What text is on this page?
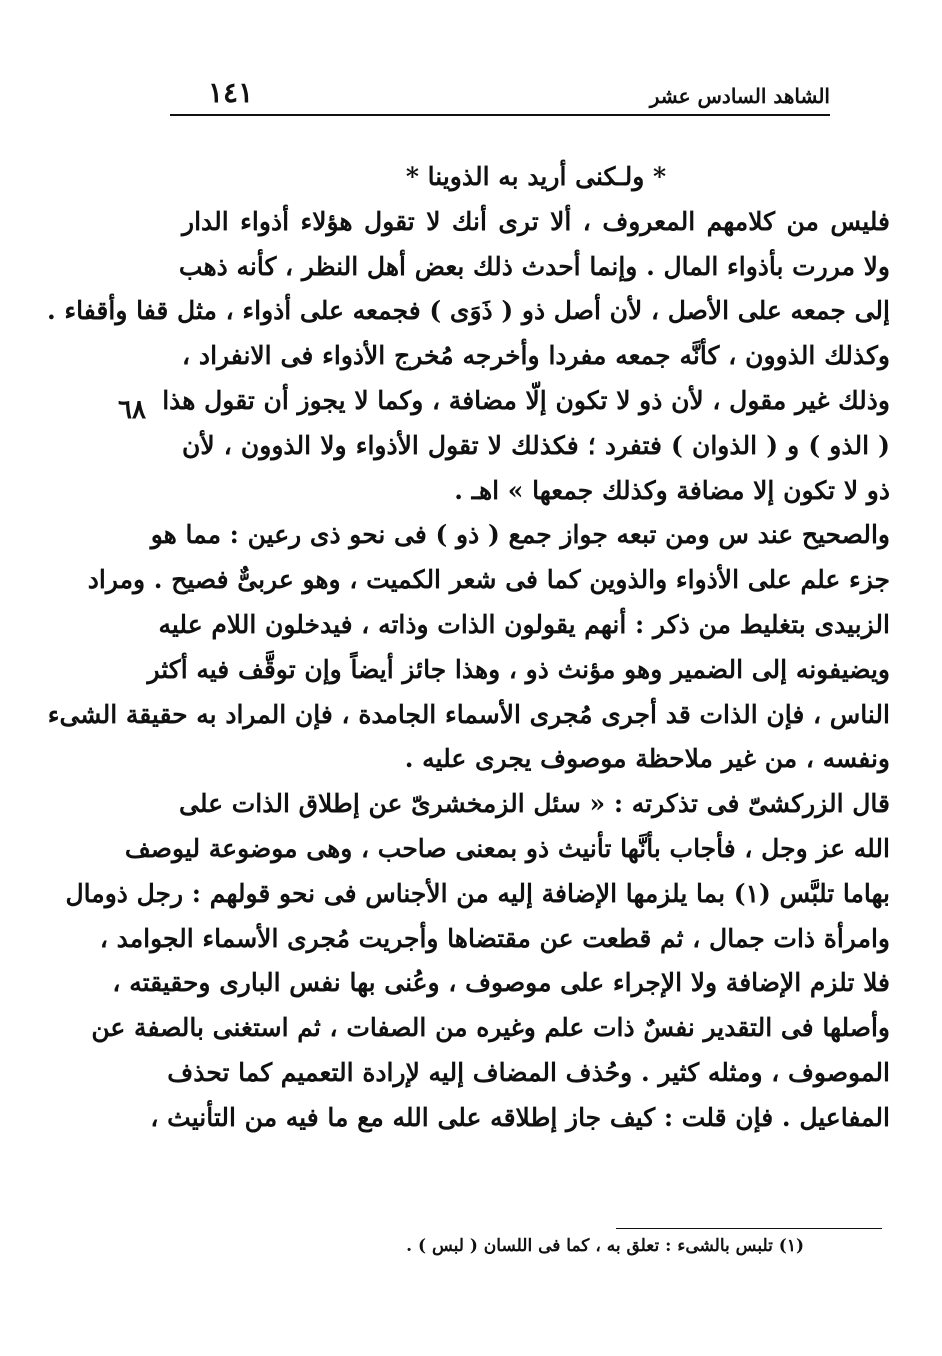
الشاهد السادس عشر
١٤١
٦٨
* ولـكنى أريد به الذوينا *
فليس من كلامهم المعروف ، ألا ترى أنك لا تقول هؤلاء أذواء الدار
ولا مررت بأذواء المال . وإنما أحدث ذلك بعض أهل النظر ، كأنه ذهب
إلى جمعه على الأصل ، لأن أصل ذو ( ذَوَى ) فجمعه على أذواء ، مثل قفا وأقفاء .
وكذلك الذوون ، كأنَّه جمعه مفردا وأخرجه مُخرج الأذواء فى الانفراد ،
وذلك غير مقول ، لأن ذو لا تكون إلّا مضافة ، وكما لا يجوز أن تقول هذا
( الذو ) و ( الذوان ) فتفرد ؛ فكذلك لا تقول الأذواء ولا الذوون ، لأن
ذو لا تكون إلا مضافة وكذلك جمعها » اهـ .
والصحيح عند س ومن تبعه جواز جمع ( ذو ) فى نحو ذى رعين : مما هو
جزء علم على الأذواء والذوين كما فى شعر الكميت ، وهو عربىٌّ فصيح . ومراد
الزبيدى بتغليط من ذكر : أنهم يقولون الذات وذاته ، فيدخلون اللام عليه
ويضيفونه إلى الضمير وهو مؤنث ذو ، وهذا جائز أيضاً وإن توقَّف فيه أكثر
الناس ، فإن الذات قد أجرى مُجرى الأسماء الجامدة ، فإن المراد به حقيقة الشىء
ونفسه ، من غير ملاحظة موصوف يجرى عليه .
قال الزركشىّ فى تذكرته : « سئل الزمخشرىّ عن إطلاق الذات على
الله عز وجل ، فأجاب بأنَّها تأنيث ذو بمعنى صاحب ، وهى موضوعة ليوصف
بهاما تلبَّس (١) بما يلزمها الإضافة إليه من الأجناس فى نحو قولهم : رجل ذومال
وامرأة ذات جمال ، ثم قطعت عن مقتضاها وأجريت مُجرى الأسماء الجوامد ،
فلا تلزم الإضافة ولا الإجراء على موصوف ، وعُنى بها نفس البارى وحقيقته ،
وأصلها فى التقدير نفسٌ ذات علم وغيره من الصفات ، ثم استغنى بالصفة عن
الموصوف ، ومثله كثير . وحُذف المضاف إليه لإرادة التعميم كما تحذف
المفاعيل . فإن قلت : كيف جاز إطلاقه على الله مع ما فيه من التأنيث ،
(١) تلبس بالشىء : تعلق به ، كما فى اللسان ( لبس ) .
